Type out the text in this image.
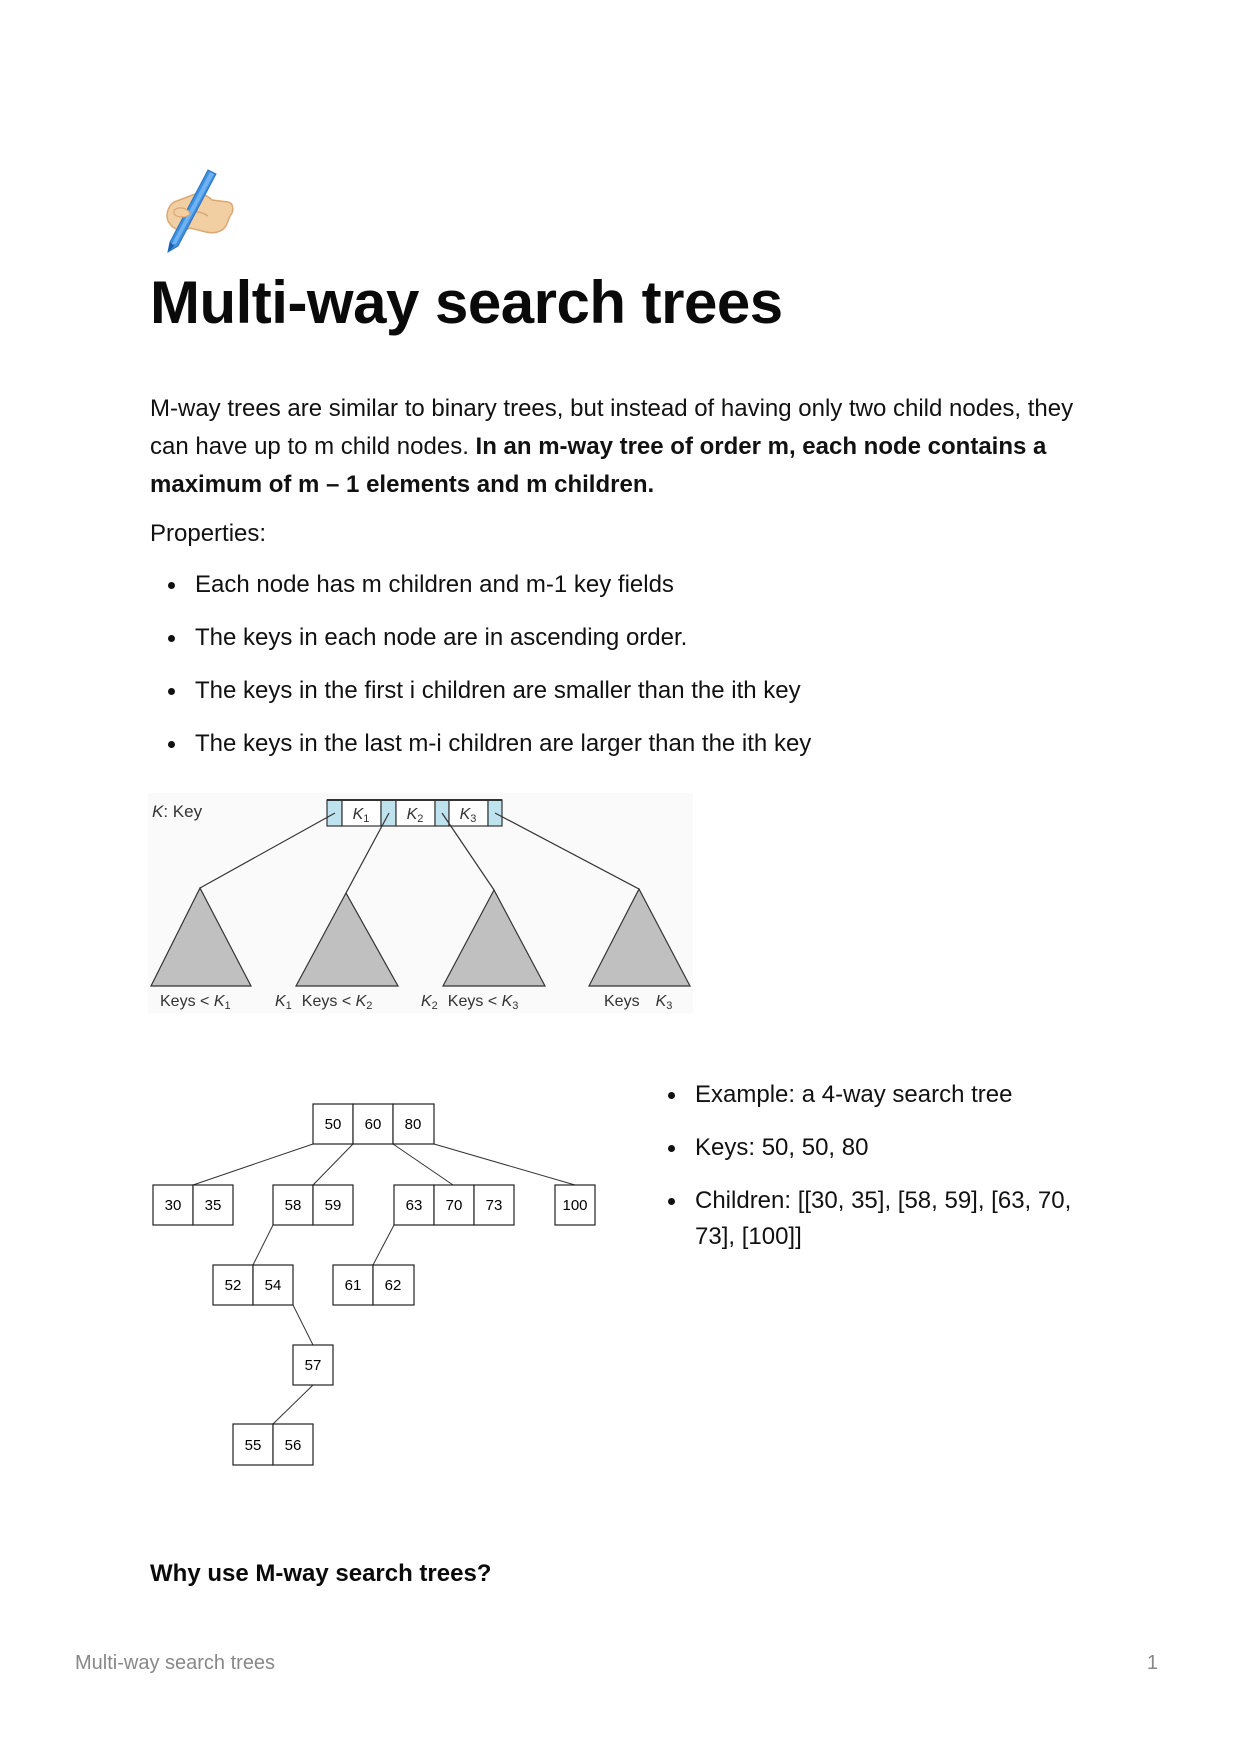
Multi-way search trees

M-way trees are similar to binary trees, but instead of having only two child nodes, they can have up to m child nodes. In an m-way tree of order m, each node contains a maximum of m – 1 elements and m children.

Properties:

Each node has m children and m-1 key fields
The keys in each node are in ascending order.
The keys in the first i children are smaller than the ith key
The keys in the last m-i children are larger than the ith key
K: Key	K1 K2 K3
Keys < K1	K1 Keys < K2	K2 Keys < K3	Keys K3
50 60 80
30 35	58 59	63 70 73	100
52 54	61 62
57
55 56
Example: a 4-way search tree
Keys: 50, 50, 80
Children: [[30, 35], [58, 59], [63, 70, 73], [100]]
Why use M-way search trees?
Multi-way search trees	1
